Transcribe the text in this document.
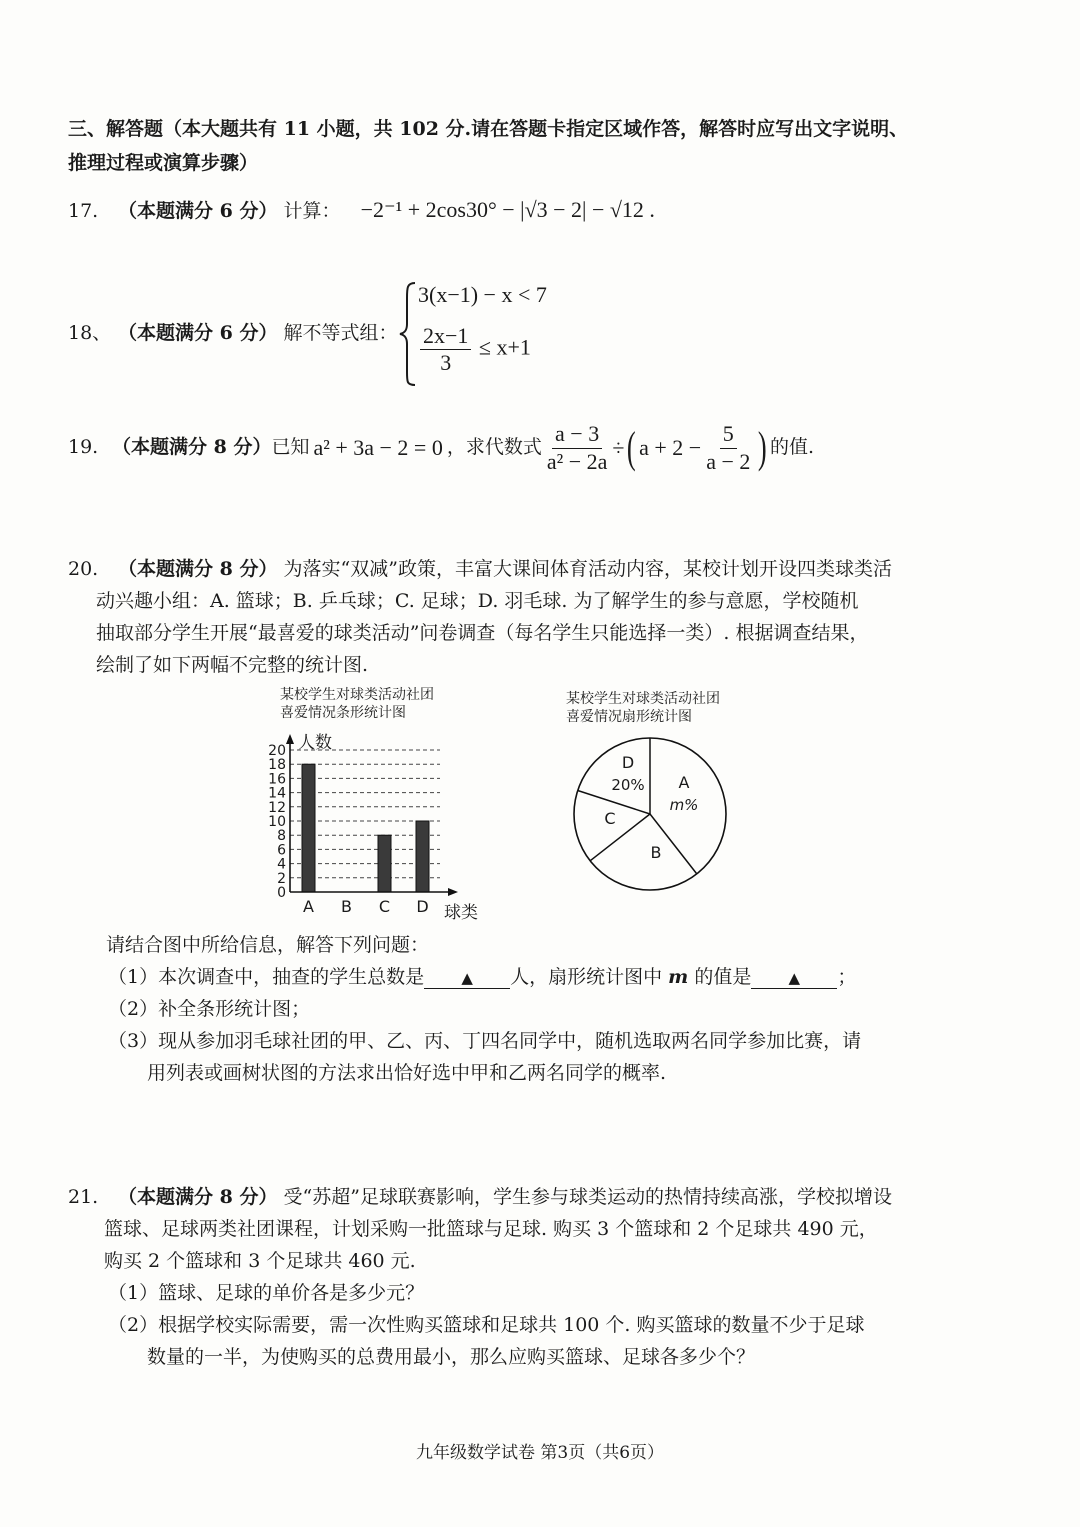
三、解答题（本大题共有 11 小题，共 102 分.请在答题卡指定区域作答，解答时应写出文字说明、
推理过程或演算步骤）
17. （本题满分 6 分） 计算： −2⁻¹ + 2cos30° − |√3 − 2| − √12 .
18、 （本题满分 6 分） 解不等式组：
3(x−1) − x < 7
$\frac{2x-1}{3} \le x+1$
19. （本题满分 8 分） 已知 a² + 3a − 2 = 0 ，求代数式 $\frac{a - 3}{\text{a² − 2a}}$ ÷ ( $a + 2 - \frac{5}{a - 2}$ ) 的值.
20. （本题满分 8 分） 为落实“双减”政策，丰富大课间体育活动内容，某校计划开设四类球类活
动兴趣小组：A. 篮球；B. 乒乓球；C. 足球；D. 羽毛球. 为了解学生的参与意愿，学校随机
抽取部分学生开展“最喜爱的球类活动”问卷调查（每名学生只能选择一类）. 根据调查结果，
绘制了如下两幅不完整的统计图.
某校学生对球类活动社团
喜爱情况条形统计图
0
2
4
6
8
10
12
14
16
18
20
A B C D
人数
球类
某校学生对球类活动社团
喜爱情况扇形统计图
A
m%
B
C
D
20%
请结合图中所给信息，解答下列问题：
（1）本次调查中，抽查的学生总数是 ▲ 人，扇形统计图中 m 的值是 ▲ ；
（2）补全条形统计图；
（3）现从参加羽毛球社团的甲、乙、丙、丁四名同学中，随机选取两名同学参加比赛，请
用列表或画树状图的方法求出恰好选中甲和乙两名同学的概率.
21. （本题满分 8 分） 受“苏超”足球联赛影响，学生参与球类运动的热情持续高涨，学校拟增设
篮球、足球两类社团课程，计划采购一批篮球与足球. 购买 3 个篮球和 2 个足球共 490 元，
购买 2 个篮球和 3 个足球共 460 元.
（1）篮球、足球的单价各是多少元？
（2）根据学校实际需要，需一次性购买篮球和足球共 100 个. 购买篮球的数量不少于足球
数量的一半，为使购买的总费用最小，那么应购买篮球、足球各多少个？
九年级数学试卷 第3页（共6页）
